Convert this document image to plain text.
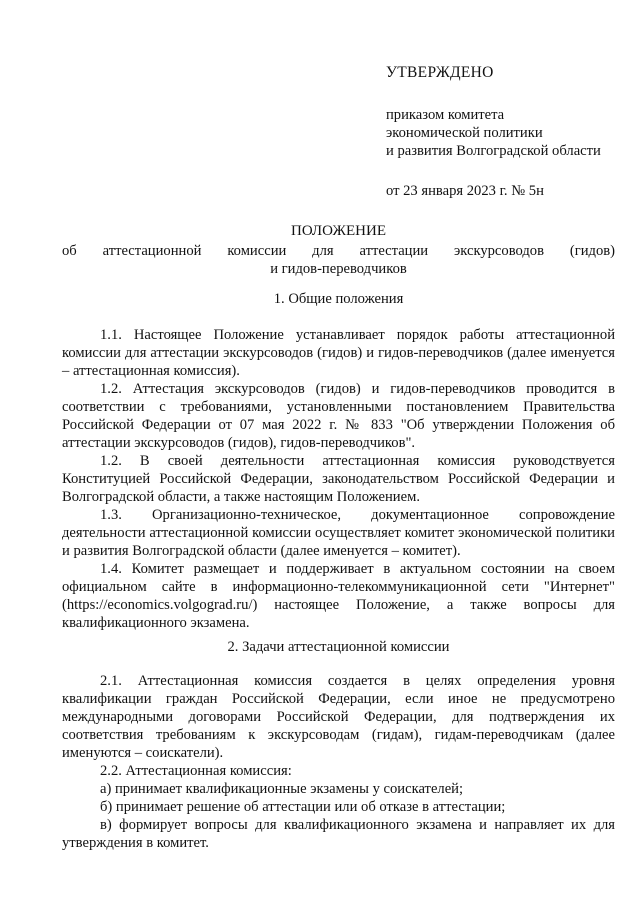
УТВЕРЖДЕНО
приказом комитета
экономической политики
и развития Волгоградской области
от 23 января 2023 г. № 5н
ПОЛОЖЕНИЕ
об аттестационной комиссии для аттестации экскурсоводов (гидов)
и гидов-переводчиков
1. Общие положения

1.1. Настоящее Положение устанавливает порядок работы аттестационной комиссии для аттестации экскурсоводов (гидов) и гидов-переводчиков (далее именуется – аттестационная комиссия).

1.2. Аттестация экскурсоводов (гидов) и гидов-переводчиков проводится в соответствии с требованиями, установленными постановлением Правительства Российской Федерации от 07 мая 2022 г. № 833 "Об утверждении Положения об аттестации экскурсоводов (гидов), гидов-переводчиков".

1.2. В своей деятельности аттестационная комиссия руководствуется Конституцией Российской Федерации, законодательством Российской Федерации и Волгоградской области, а также настоящим Положением.

1.3. Организационно-техническое, документационное сопровождение деятельности аттестационной комиссии осуществляет комитет экономической политики и развития Волгоградской области (далее именуется – комитет).

1.4. Комитет размещает и поддерживает в актуальном состоянии на своем официальном сайте в информационно-телекоммуникационной сети "Интернет" (https://economics.volgograd.ru/) настоящее Положение, а также вопросы для квалификационного экзамена.

2. Задачи аттестационной комиссии

2.1. Аттестационная комиссия создается в целях определения уровня квалификации граждан Российской Федерации, если иное не предусмотрено международными договорами Российской Федерации, для подтверждения их соответствия требованиям к экскурсоводам (гидам), гидам-переводчикам (далее именуются – соискатели).

2.2. Аттестационная комиссия:

а) принимает квалификационные экзамены у соискателей;

б) принимает решение об аттестации или об отказе в аттестации;

в) формирует вопросы для квалификационного экзамена и направляет их для утверждения в комитет.
